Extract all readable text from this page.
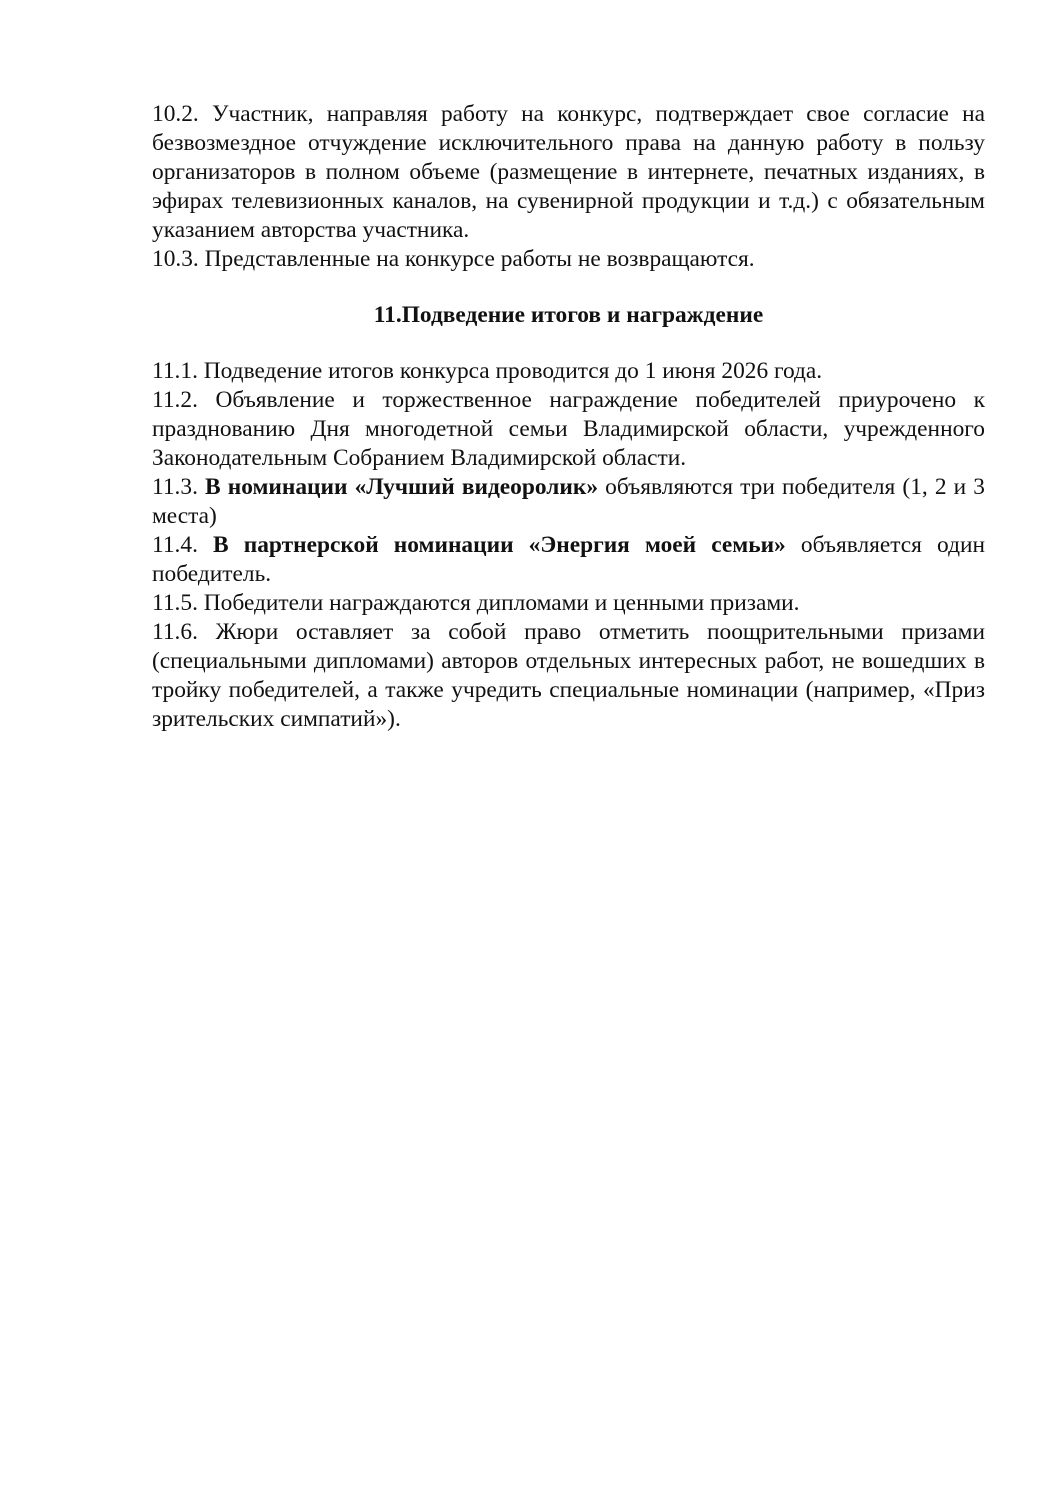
10.2. Участник, направляя работу на конкурс, подтверждает свое согласие на безвозмездное отчуждение исключительного права на данную работу в пользу организаторов в полном объеме (размещение в интернете, печатных изданиях, в эфирах телевизионных каналов, на сувенирной продукции и т.д.) с обязательным указанием авторства участника.

10.3. Представленные на конкурсе работы не возвращаются.

11.Подведение итогов и награждение

11.1. Подведение итогов конкурса проводится до 1 июня 2026 года.

11.2. Объявление и торжественное награждение победителей приурочено к празднованию Дня многодетной семьи Владимирской области, учрежденного Законодательным Собранием Владимирской области.

11.3. В номинации «Лучший видеоролик» объявляются три победителя (1, 2 и 3 места)

11.4. В партнерской номинации «Энергия моей семьи» объявляется один победитель.

11.5. Победители награждаются дипломами и ценными призами.

11.6. Жюри оставляет за собой право отметить поощрительными призами (специальными дипломами) авторов отдельных интересных работ, не вошедших в тройку победителей, а также учредить специальные номинации (например, «Приз зрительских симпатий»).
